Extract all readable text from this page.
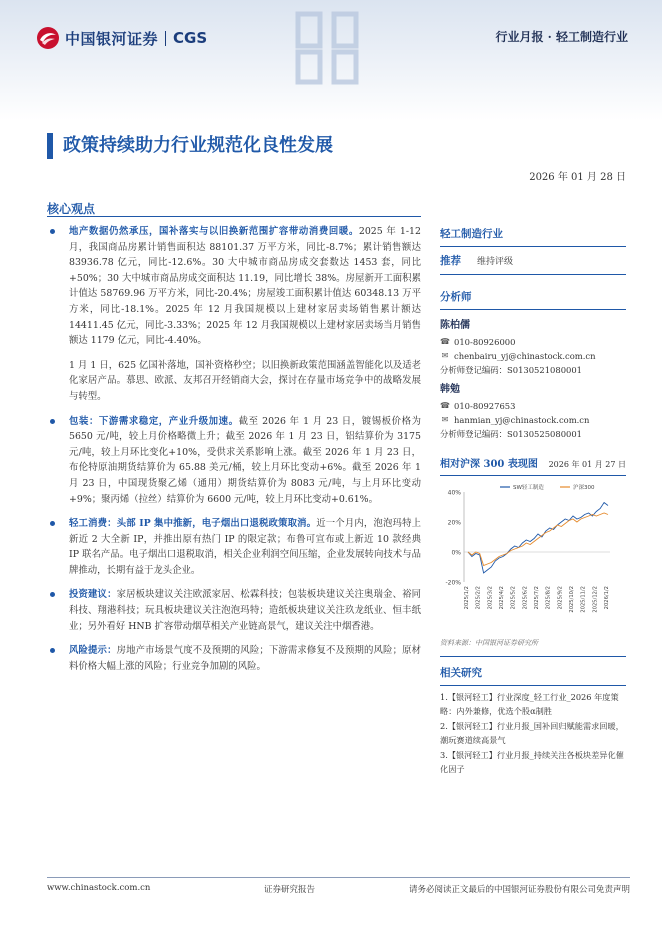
中国银河证券 CGS	行业月报 · 轻工制造行业
政策持续助力行业规范化良性发展
2026 年 01 月 28 日
核心观点
地产数据仍然承压，国补落实与以旧换新范围扩容带动消费回暖。2025 年 1-12 月，我国商品房累计销售面积达 88101.37 万平方米，同比-8.7%；累计销售额达 83936.78 亿元，同比-12.6%。30 大中城市商品房成交套数达 1453 套，同比+50%；30 大中城市商品房成交面积达 11.19，同比增长 38%。房屋新开工面积累计值达 58769.96 万平方米，同比-20.4%；房屋竣工面积累计值达 60348.13 万平方米，同比-18.1%。2025 年 12 月我国规模以上建材家居卖场销售累计额达 14411.45 亿元，同比-3.33%；2025 年 12 月我国规模以上建材家居卖场当月销售额达 1179 亿元，同比-4.40%。
1 月 1 日，625 亿国补落地，国补资格秒空；以旧换新政策范围涵盖智能化以及适老化家居产品。慕思、欧派、友邦召开经销商大会，探讨在存量市场竞争中的战略发展与转型。
包装：下游需求稳定，产业升级加速。截至 2026 年 1 月 23 日，镀锡板价格为 5650 元/吨，较上月价格略微上升；截至 2026 年 1 月 23 日，铝结算价为 3175 元/吨，较上月环比变化+10%，受供求关系影响上涨。截至 2026 年 1 月 23 日，布伦特原油期货结算价为 65.88 美元/桶，较上月环比变动+6%。截至 2026 年 1 月 23 日，中国现货聚乙烯（通用）期货结算价为 8083 元/吨，与上月环比变动+9%；聚丙烯（拉丝）结算价为 6600 元/吨，较上月环比变动+0.61%。
轻工消费：头部 IP 集中推新，电子烟出口退税政策取消。近一个月内，泡泡玛特上新近 2 大全新 IP，并推出原有热门 IP 的限定款；布鲁可宣布或上新近 10 款经典 IP 联名产品。电子烟出口退税取消，相关企业利润空间压缩，企业发展转向技术与品牌推动，长期有益于龙头企业。
投资建议：家居板块建议关注欧派家居、松霖科技；包装板块建议关注奥瑞金、裕同科技、翔港科技；玩具板块建议关注泡泡玛特；造纸板块建议关注玖龙纸业、恒丰纸业；另外看好 HNB 扩容带动烟草相关产业链高景气，建议关注中烟香港。
风险提示：房地产市场景气度不及预期的风险；下游需求修复不及预期的风险；原材料价格大幅上涨的风险；行业竞争加剧的风险。
轻工制造行业
推荐 维持评级
分析师
陈柏儒
☎ 010-80926000
✉ chenbairu_yj@chinastock.com.cn
分析师登记编码：S0130521080001
韩勉
☎ 010-80927653
✉ hanmian_yj@chinastock.com.cn
分析师登记编码：S0130525080001
相对沪深 300 表现图 2026 年 01 月 27 日
40%
20%
0%
-20%
2025/1/2 2025/2/2 2025/3/2 2025/4/2 2025/5/2 2025/6/2 2025/7/2 2025/8/2 2025/9/2 2025/10/2 2025/11/2 2025/12/2 2026/1/2
SW轻工制造	沪深300
资料来源：中国银河证券研究所
相关研究
1.【银河轻工】行业深度_轻工行业_2026 年度策略：内外兼修，优选个股α制胜
2.【银河轻工】行业月报_国补回归赋能需求回暖，潮玩赛道续高景气
3.【银河轻工】行业月报_持续关注各板块差异化催化因子
www.chinastock.com.cn	证券研究报告	请务必阅读正文最后的中国银河证券股份有限公司免责声明
